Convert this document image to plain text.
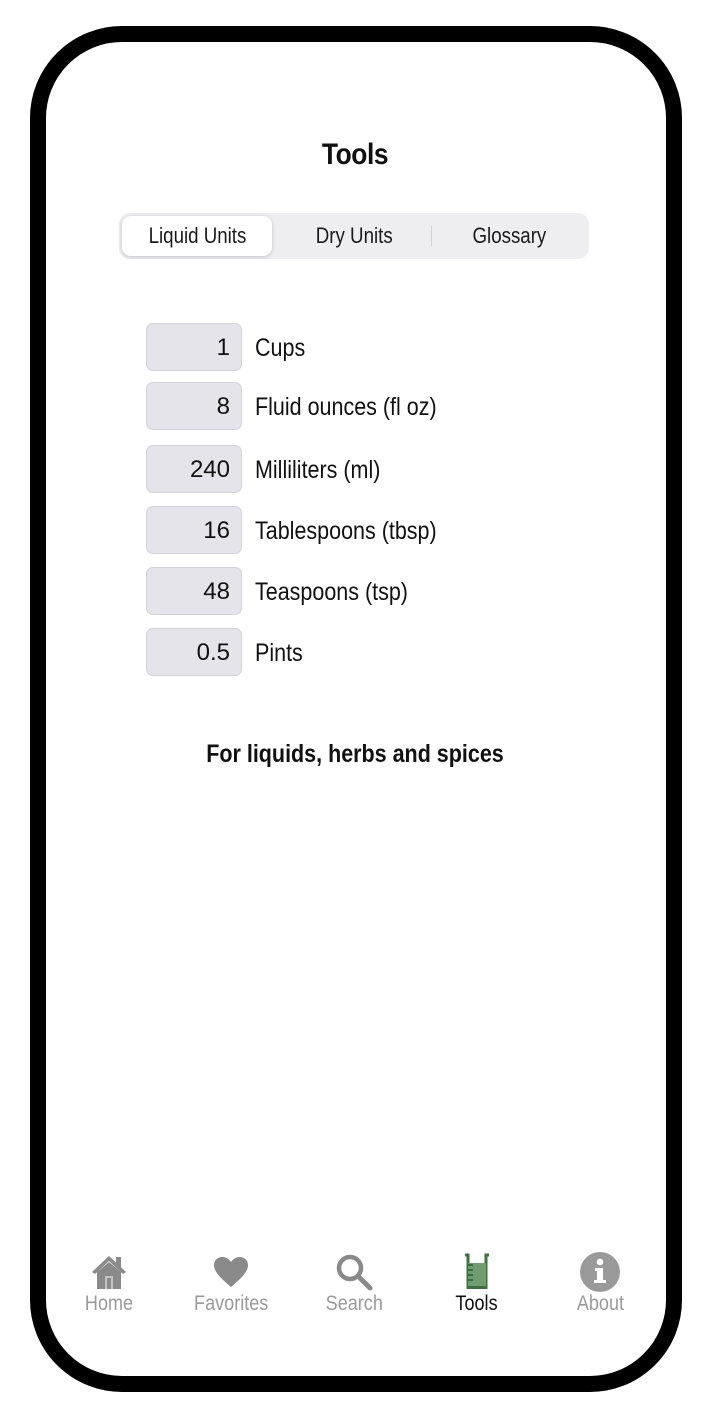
Tools
Liquid Units	Dry Units	Glossary
1	Cups
8	Fluid ounces (fl oz)
240	Milliliters (ml)
16	Tablespoons (tbsp)
48	Teaspoons (tsp)
0.5	Pints
For liquids, herbs and spices
Home	Favorites	Search	Tools	About
